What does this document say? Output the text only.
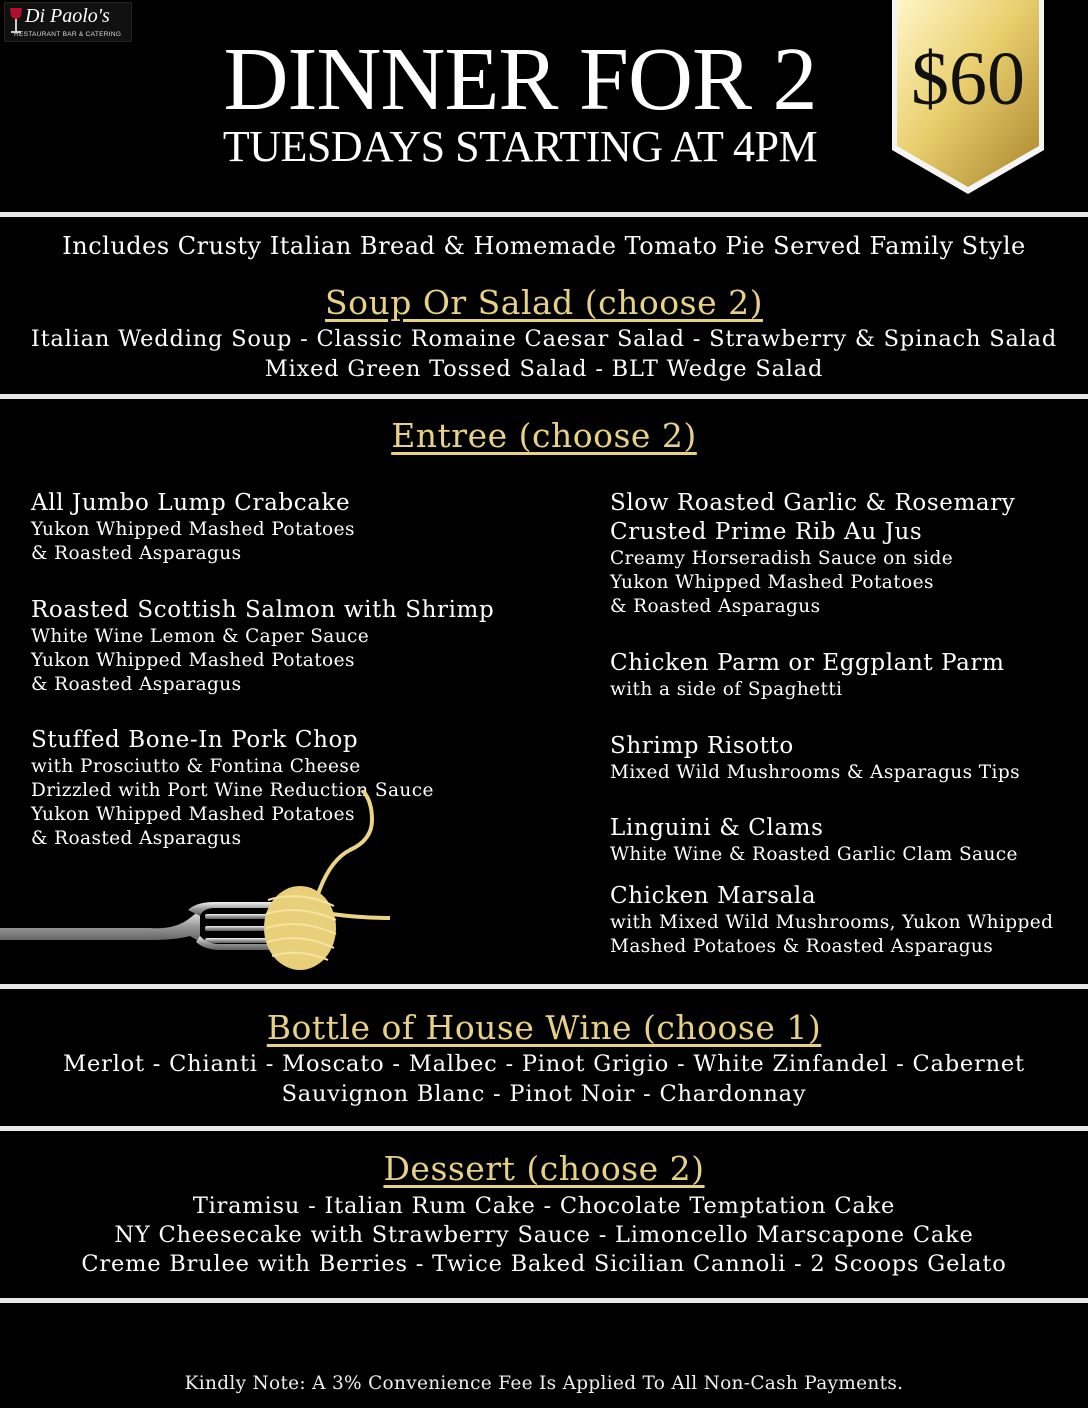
Di Paolo's
RESTAURANT BAR & CATERING	DINNER FOR 2
TUESDAYS STARTING AT 4PM
$60
Includes Crusty Italian Bread & Homemade Tomato Pie Served Family Style
Soup Or Salad (choose 2)
Italian Wedding Soup - Classic Romaine Caesar Salad - Strawberry & Spinach Salad
Mixed Green Tossed Salad - BLT Wedge Salad
Entree (choose 2)
All Jumbo Lump Crabcake
Yukon Whipped Mashed Potatoes
& Roasted Asparagus
Roasted Scottish Salmon with Shrimp
White Wine Lemon & Caper Sauce
Yukon Whipped Mashed Potatoes
& Roasted Asparagus
Stuffed Bone-In Pork Chop
with Prosciutto & Fontina Cheese
Drizzled with Port Wine Reduction Sauce
Yukon Whipped Mashed Potatoes
& Roasted Asparagus
Slow Roasted Garlic & Rosemary
Crusted Prime Rib Au Jus
Creamy Horseradish Sauce on side
Yukon Whipped Mashed Potatoes
& Roasted Asparagus
Chicken Parm or Eggplant Parm
with a side of Spaghetti
Shrimp Risotto
Mixed Wild Mushrooms & Asparagus Tips
Linguini & Clams
White Wine & Roasted Garlic Clam Sauce
Chicken Marsala
with Mixed Wild Mushrooms, Yukon Whipped
Mashed Potatoes & Roasted Asparagus
Bottle of House Wine (choose 1)
Merlot - Chianti - Moscato - Malbec - Pinot Grigio - White Zinfandel - Cabernet
Sauvignon Blanc - Pinot Noir - Chardonnay
Dessert (choose 2)
Tiramisu - Italian Rum Cake - Chocolate Temptation Cake
NY Cheesecake with Strawberry Sauce - Limoncello Marscapone Cake
Creme Brulee with Berries - Twice Baked Sicilian Cannoli - 2 Scoops Gelato
Kindly Note: A 3% Convenience Fee Is Applied To All Non-Cash Payments.
